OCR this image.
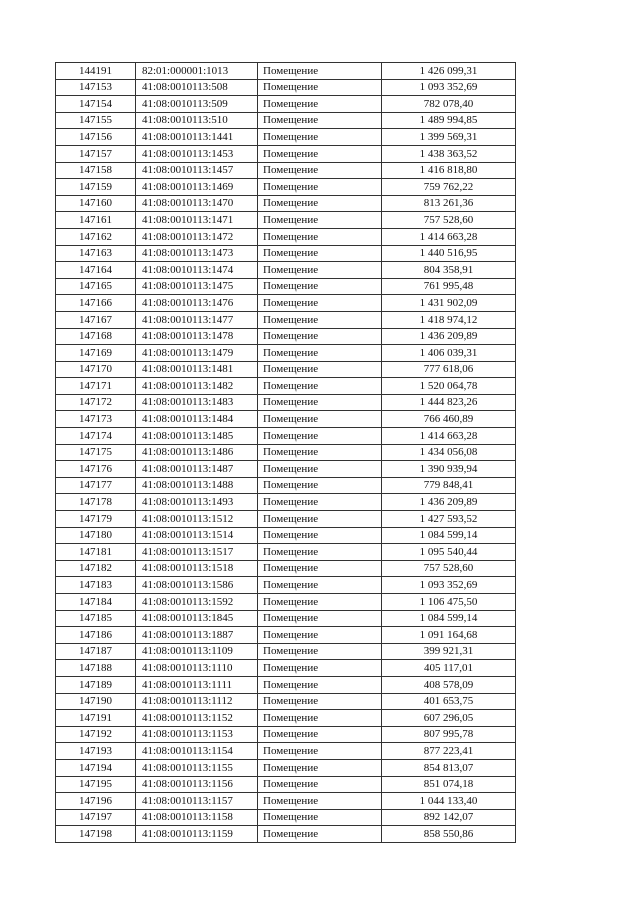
144191	82:01:000001:1013	Помещение	1 426 099,31
147153	41:08:0010113:508	Помещение	1 093 352,69
147154	41:08:0010113:509	Помещение	782 078,40
147155	41:08:0010113:510	Помещение	1 489 994,85
147156	41:08:0010113:1441	Помещение	1 399 569,31
147157	41:08:0010113:1453	Помещение	1 438 363,52
147158	41:08:0010113:1457	Помещение	1 416 818,80
147159	41:08:0010113:1469	Помещение	759 762,22
147160	41:08:0010113:1470	Помещение	813 261,36
147161	41:08:0010113:1471	Помещение	757 528,60
147162	41:08:0010113:1472	Помещение	1 414 663,28
147163	41:08:0010113:1473	Помещение	1 440 516,95
147164	41:08:0010113:1474	Помещение	804 358,91
147165	41:08:0010113:1475	Помещение	761 995,48
147166	41:08:0010113:1476	Помещение	1 431 902,09
147167	41:08:0010113:1477	Помещение	1 418 974,12
147168	41:08:0010113:1478	Помещение	1 436 209,89
147169	41:08:0010113:1479	Помещение	1 406 039,31
147170	41:08:0010113:1481	Помещение	777 618,06
147171	41:08:0010113:1482	Помещение	1 520 064,78
147172	41:08:0010113:1483	Помещение	1 444 823,26
147173	41:08:0010113:1484	Помещение	766 460,89
147174	41:08:0010113:1485	Помещение	1 414 663,28
147175	41:08:0010113:1486	Помещение	1 434 056,08
147176	41:08:0010113:1487	Помещение	1 390 939,94
147177	41:08:0010113:1488	Помещение	779 848,41
147178	41:08:0010113:1493	Помещение	1 436 209,89
147179	41:08:0010113:1512	Помещение	1 427 593,52
147180	41:08:0010113:1514	Помещение	1 084 599,14
147181	41:08:0010113:1517	Помещение	1 095 540,44
147182	41:08:0010113:1518	Помещение	757 528,60
147183	41:08:0010113:1586	Помещение	1 093 352,69
147184	41:08:0010113:1592	Помещение	1 106 475,50
147185	41:08:0010113:1845	Помещение	1 084 599,14
147186	41:08:0010113:1887	Помещение	1 091 164,68
147187	41:08:0010113:1109	Помещение	399 921,31
147188	41:08:0010113:1110	Помещение	405 117,01
147189	41:08:0010113:1111	Помещение	408 578,09
147190	41:08:0010113:1112	Помещение	401 653,75
147191	41:08:0010113:1152	Помещение	607 296,05
147192	41:08:0010113:1153	Помещение	807 995,78
147193	41:08:0010113:1154	Помещение	877 223,41
147194	41:08:0010113:1155	Помещение	854 813,07
147195	41:08:0010113:1156	Помещение	851 074,18
147196	41:08:0010113:1157	Помещение	1 044 133,40
147197	41:08:0010113:1158	Помещение	892 142,07
147198	41:08:0010113:1159	Помещение	858 550,86
